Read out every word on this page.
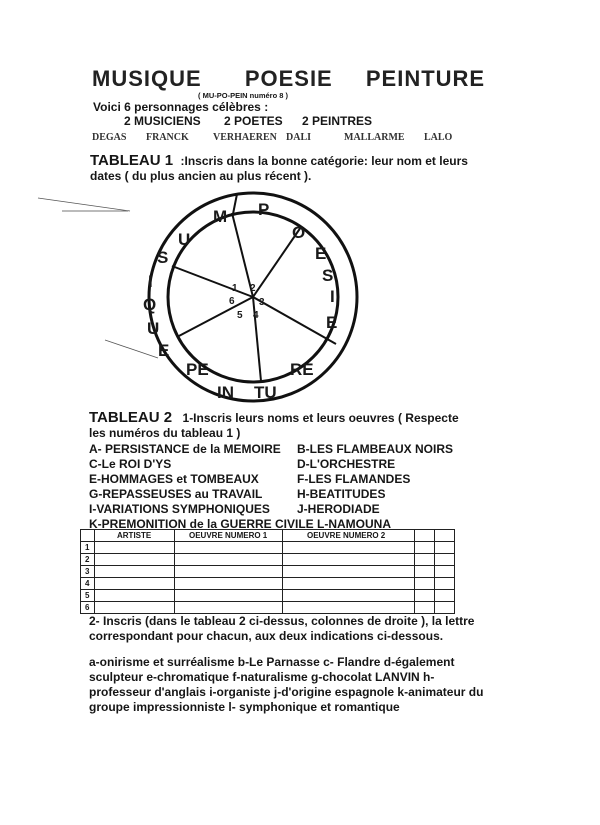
MUSIQUE POESIE PEINTURE
( MU-PO-PEIN numéro 8 )
Voici 6 personnages célèbres :
2 MUSICIENS 2 POETES 2 PEINTRES
DEGAS FRANCK VERHAEREN DALI	MALLARME LALO
TABLEAU 1 :Inscris dans la bonne catégorie: leur nom et leurs
dates ( du plus ancien au plus récent ).
M P
O
E
S
I
E
RE
TU
IN
PE
E
U
Q
I
S
U
1 2
3
4
5
6
TABLEAU 2 1-Inscris leurs noms et leurs oeuvres ( Respecte
les numéros du tableau 1 )
A- PERSISTANCE de la MEMOIRE B-LES FLAMBEAUX NOIRS
C-Le ROI D'YS	D-L'ORCHESTRE
E-HOMMAGES et TOMBEAUX	F-LES FLAMANDES
G-REPASSEUSES au TRAVAIL	H-BEATITUDES
I-VARIATIONS SYMPHONIQUES J-HERODIADE
K-PREMONITION de la GUERRE CIVILE L-NAMOUNA
	ARTISTE	OEUVRE NUMERO 1	OEUVRE NUMERO 2		
1					
2					
3					
4					
5					
6					
2- Inscris (dans le tableau 2 ci-dessus, colonnes de droite ), la lettre
correspondant pour chacun, aux deux indications ci-dessous.
a-onirisme et surréalisme b-Le Parnasse c- Flandre d-également
sculpteur e-chromatique f-naturalisme g-chocolat LANVIN h-
professeur d'anglais i-organiste j-d'origine espagnole k-animateur du
groupe impressionniste l- symphonique et romantique
